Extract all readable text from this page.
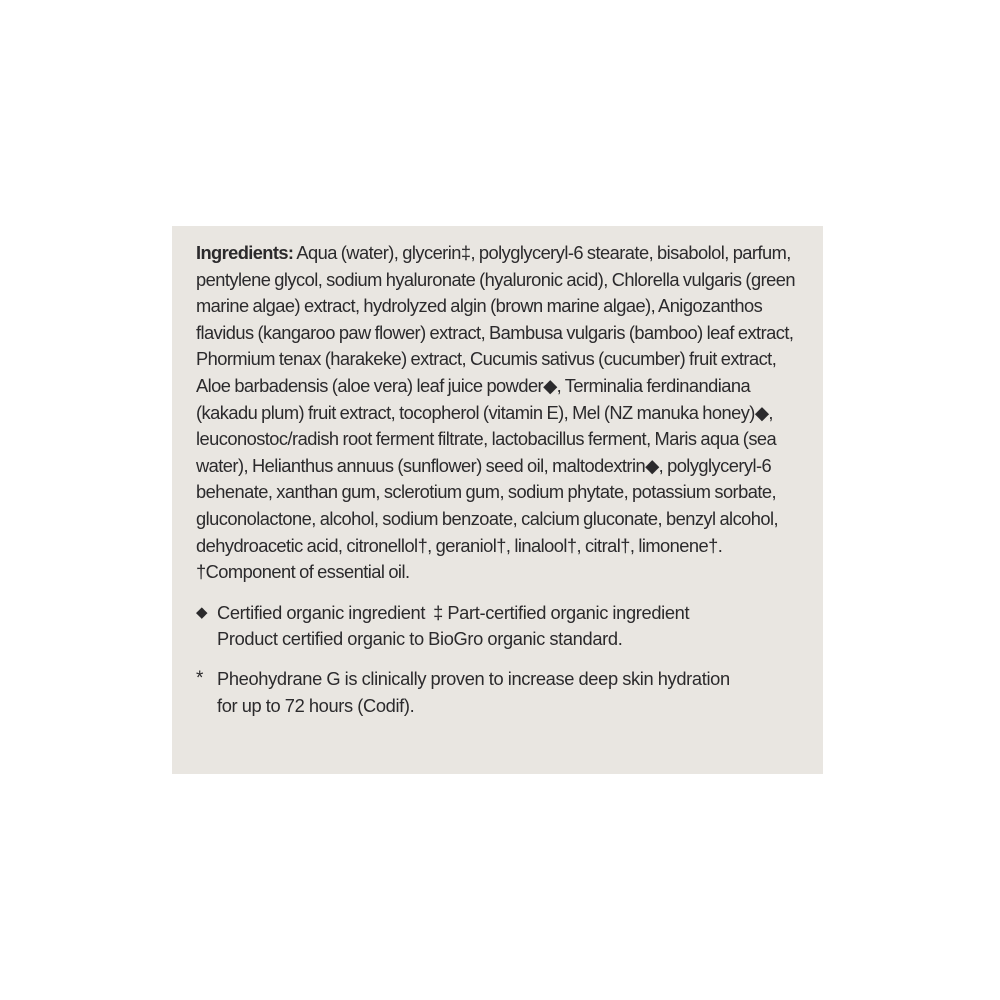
Ingredients: Aqua (water), glycerin‡, polyglyceryl-6 stearate, bisabolol, parfum, pentylene glycol, sodium hyaluronate (hyaluronic acid), Chlorella vulgaris (green marine algae) extract, hydrolyzed algin (brown marine algae), Anigozanthos flavidus (kangaroo paw flower) extract, Bambusa vulgaris (bamboo) leaf extract, Phormium tenax (harakeke) extract, Cucumis sativus (cucumber) fruit extract, Aloe barbadensis (aloe vera) leaf juice powder◆, Terminalia ferdinandiana (kakadu plum) fruit extract, tocopherol (vitamin E), Mel (NZ manuka honey)◆, leuconostoc/radish root ferment filtrate, lactobacillus ferment, Maris aqua (sea water), Helianthus annuus (sunflower) seed oil, maltodextrin◆, polyglyceryl-6 behenate, xanthan gum, sclerotium gum, sodium phytate, potassium sorbate, gluconolactone, alcohol, sodium benzoate, calcium gluconate, benzyl alcohol, dehydroacetic acid, citronellol†, geraniol†, linalool†, citral†, limonene†. †Component of essential oil.

◆ Certified organic ingredient ‡ Part-certified organic ingredient
Product certified organic to BioGro organic standard.
* Pheohydrane G is clinically proven to increase deep skin hydration
for up to 72 hours (Codif).
